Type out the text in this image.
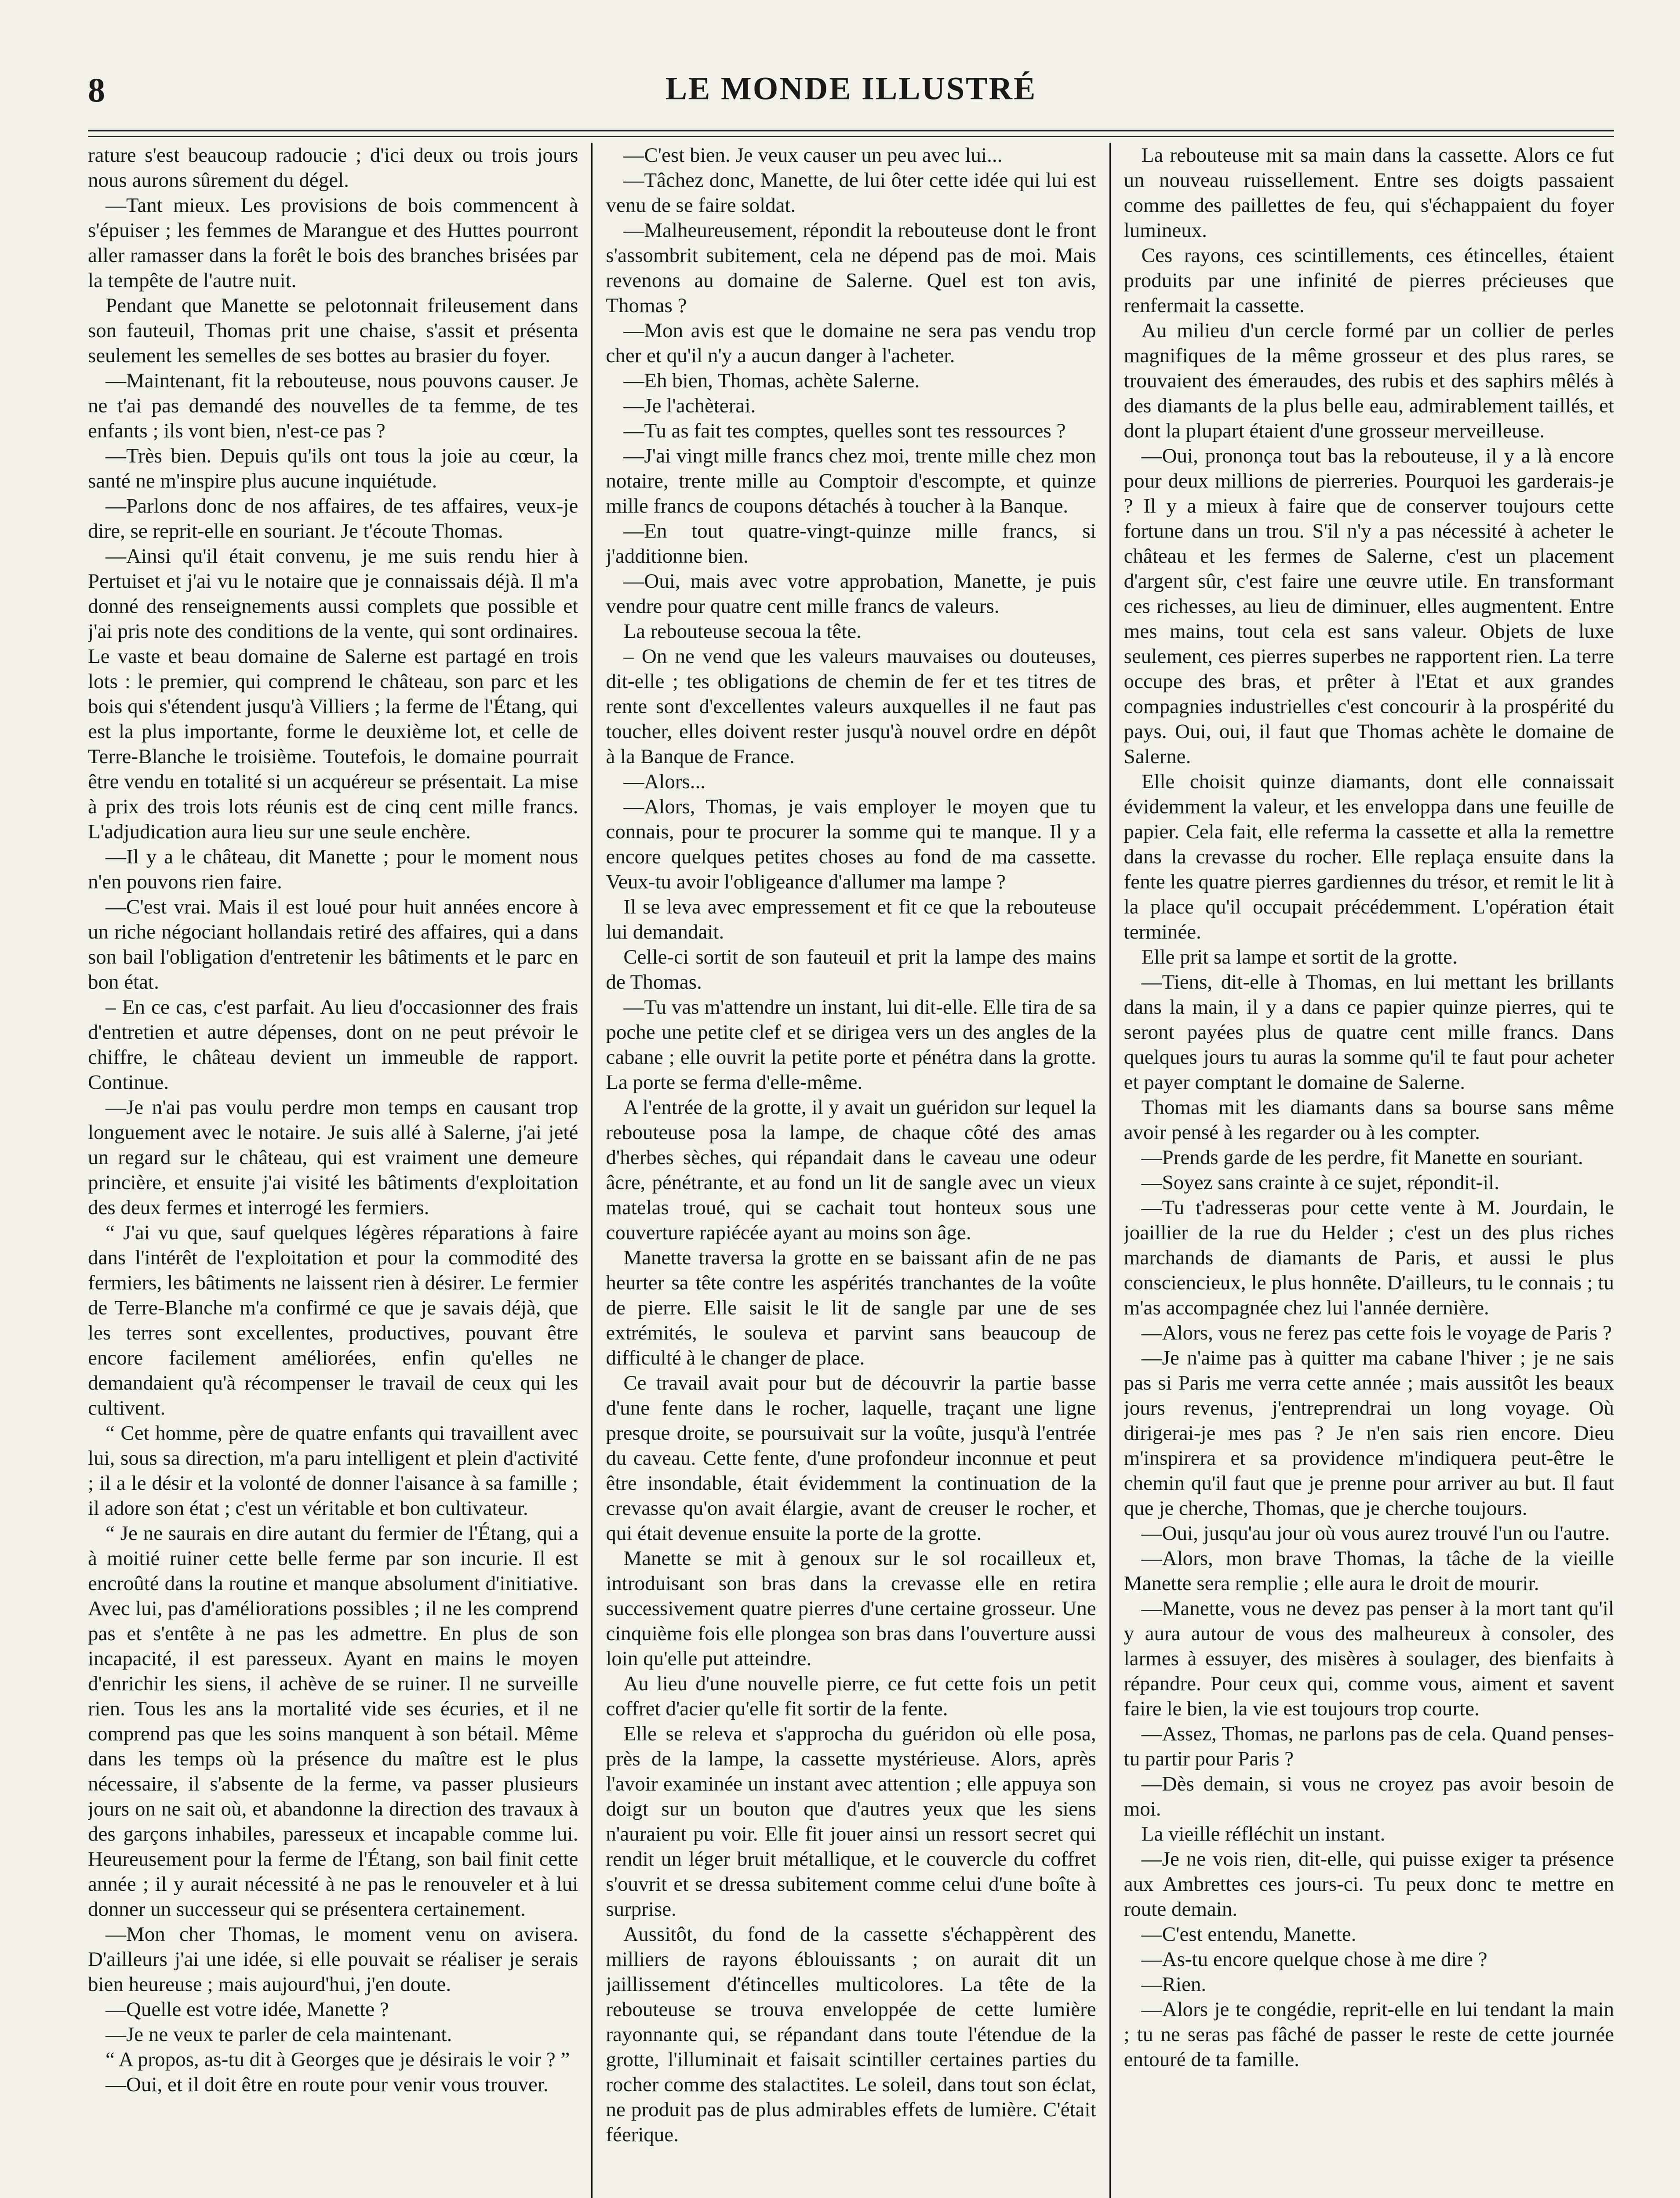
8	LE MONDE ILLUSTRÉ

rature s'est beaucoup radoucie ; d'ici deux ou trois jours nous aurons sûrement du dégel.

—Tant mieux. Les provisions de bois commencent à s'épuiser ; les femmes de Marangue et des Huttes pourront aller ramasser dans la forêt le bois des branches brisées par la tempête de l'autre nuit.

Pendant que Manette se pelotonnait frileusement dans son fauteuil, Thomas prit une chaise, s'assit et présenta seulement les semelles de ses bottes au brasier du foyer.

—Maintenant, fit la rebouteuse, nous pouvons causer. Je ne t'ai pas demandé des nouvelles de ta femme, de tes enfants ; ils vont bien, n'est-ce pas ?

—Très bien. Depuis qu'ils ont tous la joie au cœur, la santé ne m'inspire plus aucune inquiétude.

—Parlons donc de nos affaires, de tes affaires, veux-je dire, se reprit-elle en souriant. Je t'écoute Thomas.

—Ainsi qu'il était convenu, je me suis rendu hier à Pertuiset et j'ai vu le notaire que je connaissais déjà. Il m'a donné des renseignements aussi complets que possible et j'ai pris note des conditions de la vente, qui sont ordinaires. Le vaste et beau domaine de Salerne est partagé en trois lots : le premier, qui comprend le château, son parc et les bois qui s'étendent jusqu'à Villiers ; la ferme de l'Étang, qui est la plus importante, forme le deuxième lot, et celle de Terre-Blanche le troisième. Toutefois, le domaine pourrait être vendu en totalité si un acquéreur se présentait. La mise à prix des trois lots réunis est de cinq cent mille francs. L'adjudication aura lieu sur une seule enchère.

—Il y a le château, dit Manette ; pour le moment nous n'en pouvons rien faire.

—C'est vrai. Mais il est loué pour huit années encore à un riche négociant hollandais retiré des affaires, qui a dans son bail l'obligation d'entretenir les bâtiments et le parc en bon état.

– En ce cas, c'est parfait. Au lieu d'occasionner des frais d'entretien et autre dépenses, dont on ne peut prévoir le chiffre, le château devient un immeuble de rapport. Continue.

—Je n'ai pas voulu perdre mon temps en causant trop longuement avec le notaire. Je suis allé à Salerne, j'ai jeté un regard sur le château, qui est vraiment une demeure princière, et ensuite j'ai visité les bâtiments d'exploitation des deux fermes et interrogé les fermiers.

“ J'ai vu que, sauf quelques légères réparations à faire dans l'intérêt de l'exploitation et pour la commodité des fermiers, les bâtiments ne laissent rien à désirer. Le fermier de Terre-Blanche m'a confirmé ce que je savais déjà, que les terres sont excellentes, productives, pouvant être encore facilement améliorées, enfin qu'elles ne demandaient qu'à récompenser le travail de ceux qui les cultivent.

“ Cet homme, père de quatre enfants qui travaillent avec lui, sous sa direction, m'a paru intelligent et plein d'activité ; il a le désir et la volonté de donner l'aisance à sa famille ; il adore son état ; c'est un véritable et bon cultivateur.

“ Je ne saurais en dire autant du fermier de l'Étang, qui a à moitié ruiner cette belle ferme par son incurie. Il est encroûté dans la routine et manque absolument d'initiative. Avec lui, pas d'améliorations possibles ; il ne les comprend pas et s'entête à ne pas les admettre. En plus de son incapacité, il est paresseux. Ayant en mains le moyen d'enrichir les siens, il achève de se ruiner. Il ne surveille rien. Tous les ans la mortalité vide ses écuries, et il ne comprend pas que les soins manquent à son bétail. Même dans les temps où la présence du maître est le plus nécessaire, il s'absente de la ferme, va passer plusieurs jours on ne sait où, et abandonne la direction des travaux à des garçons inhabiles, paresseux et incapable comme lui. Heureusement pour la ferme de l'Étang, son bail finit cette année ; il y aurait nécessité à ne pas le renouveler et à lui donner un successeur qui se présentera certainement.

—Mon cher Thomas, le moment venu on avisera. D'ailleurs j'ai une idée, si elle pouvait se réaliser je serais bien heureuse ; mais aujourd'hui, j'en doute.

—Quelle est votre idée, Manette ?

—Je ne veux te parler de cela maintenant.

“ A propos, as-tu dit à Georges que je désirais le voir ? ”

—Oui, et il doit être en route pour venir vous trouver.

—C'est bien. Je veux causer un peu avec lui...

—Tâchez donc, Manette, de lui ôter cette idée qui lui est venu de se faire soldat.

—Malheureusement, répondit la rebouteuse dont le front s'assombrit subitement, cela ne dépend pas de moi. Mais revenons au domaine de Salerne. Quel est ton avis, Thomas ?

—Mon avis est que le domaine ne sera pas vendu trop cher et qu'il n'y a aucun danger à l'acheter.

—Eh bien, Thomas, achète Salerne.

—Je l'achèterai.

—Tu as fait tes comptes, quelles sont tes ressources ?

—J'ai vingt mille francs chez moi, trente mille chez mon notaire, trente mille au Comptoir d'escompte, et quinze mille francs de coupons détachés à toucher à la Banque.

—En tout quatre-vingt-quinze mille francs, si j'additionne bien.

—Oui, mais avec votre approbation, Manette, je puis vendre pour quatre cent mille francs de valeurs.

La rebouteuse secoua la tête.

– On ne vend que les valeurs mauvaises ou douteuses, dit-elle ; tes obligations de chemin de fer et tes titres de rente sont d'excellentes valeurs auxquelles il ne faut pas toucher, elles doivent rester jusqu'à nouvel ordre en dépôt à la Banque de France.

—Alors...

—Alors, Thomas, je vais employer le moyen que tu connais, pour te procurer la somme qui te manque. Il y a encore quelques petites choses au fond de ma cassette. Veux-tu avoir l'obligeance d'allumer ma lampe ?

Il se leva avec empressement et fit ce que la rebouteuse lui demandait.

Celle-ci sortit de son fauteuil et prit la lampe des mains de Thomas.

—Tu vas m'attendre un instant, lui dit-elle. Elle tira de sa poche une petite clef et se dirigea vers un des angles de la cabane ; elle ouvrit la petite porte et pénétra dans la grotte. La porte se ferma d'elle-même.

A l'entrée de la grotte, il y avait un guéridon sur lequel la rebouteuse posa la lampe, de chaque côté des amas d'herbes sèches, qui répandait dans le caveau une odeur âcre, pénétrante, et au fond un lit de sangle avec un vieux matelas troué, qui se cachait tout honteux sous une couverture rapiécée ayant au moins son âge.

Manette traversa la grotte en se baissant afin de ne pas heurter sa tête contre les aspérités tranchantes de la voûte de pierre. Elle saisit le lit de sangle par une de ses extrémités, le souleva et parvint sans beaucoup de difficulté à le changer de place.

Ce travail avait pour but de découvrir la partie basse d'une fente dans le rocher, laquelle, traçant une ligne presque droite, se poursuivait sur la voûte, jusqu'à l'entrée du caveau. Cette fente, d'une profondeur inconnue et peut être insondable, était évidemment la continuation de la crevasse qu'on avait élargie, avant de creuser le rocher, et qui était devenue ensuite la porte de la grotte.

Manette se mit à genoux sur le sol rocailleux et, introduisant son bras dans la crevasse elle en retira successivement quatre pierres d'une certaine grosseur. Une cinquième fois elle plongea son bras dans l'ouverture aussi loin qu'elle put atteindre.

Au lieu d'une nouvelle pierre, ce fut cette fois un petit coffret d'acier qu'elle fit sortir de la fente.

Elle se releva et s'approcha du guéridon où elle posa, près de la lampe, la cassette mystérieuse. Alors, après l'avoir examinée un instant avec attention ; elle appuya son doigt sur un bouton que d'autres yeux que les siens n'auraient pu voir. Elle fit jouer ainsi un ressort secret qui rendit un léger bruit métallique, et le couvercle du coffret s'ouvrit et se dressa subitement comme celui d'une boîte à surprise.

Aussitôt, du fond de la cassette s'échappèrent des milliers de rayons éblouissants ; on aurait dit un jaillissement d'étincelles multicolores. La tête de la rebouteuse se trouva enveloppée de cette lumière rayonnante qui, se répandant dans toute l'étendue de la grotte, l'illuminait et faisait scintiller certaines parties du rocher comme des stalactites. Le soleil, dans tout son éclat, ne produit pas de plus admirables effets de lumière. C'était féerique.

La rebouteuse mit sa main dans la cassette. Alors ce fut un nouveau ruissellement. Entre ses doigts passaient comme des paillettes de feu, qui s'échappaient du foyer lumineux.

Ces rayons, ces scintillements, ces étincelles, étaient produits par une infinité de pierres précieuses que renfermait la cassette.

Au milieu d'un cercle formé par un collier de perles magnifiques de la même grosseur et des plus rares, se trouvaient des émeraudes, des rubis et des saphirs mêlés à des diamants de la plus belle eau, admirablement taillés, et dont la plupart étaient d'une grosseur merveilleuse.

—Oui, prononça tout bas la rebouteuse, il y a là encore pour deux millions de pierreries. Pourquoi les garderais-je ? Il y a mieux à faire que de conserver toujours cette fortune dans un trou. S'il n'y a pas nécessité à acheter le château et les fermes de Salerne, c'est un placement d'argent sûr, c'est faire une œuvre utile. En transformant ces richesses, au lieu de diminuer, elles augmentent. Entre mes mains, tout cela est sans valeur. Objets de luxe seulement, ces pierres superbes ne rapportent rien. La terre occupe des bras, et prêter à l'Etat et aux grandes compagnies industrielles c'est concourir à la prospérité du pays. Oui, oui, il faut que Thomas achète le domaine de Salerne.

Elle choisit quinze diamants, dont elle connaissait évidemment la valeur, et les enveloppa dans une feuille de papier. Cela fait, elle referma la cassette et alla la remettre dans la crevasse du rocher. Elle replaça ensuite dans la fente les quatre pierres gardiennes du trésor, et remit le lit à la place qu'il occupait précédemment. L'opération était terminée.

Elle prit sa lampe et sortit de la grotte.

—Tiens, dit-elle à Thomas, en lui mettant les brillants dans la main, il y a dans ce papier quinze pierres, qui te seront payées plus de quatre cent mille francs. Dans quelques jours tu auras la somme qu'il te faut pour acheter et payer comptant le domaine de Salerne.

Thomas mit les diamants dans sa bourse sans même avoir pensé à les regarder ou à les compter.

—Prends garde de les perdre, fit Manette en souriant.

—Soyez sans crainte à ce sujet, répondit-il.

—Tu t'adresseras pour cette vente à M. Jourdain, le joaillier de la rue du Helder ; c'est un des plus riches marchands de diamants de Paris, et aussi le plus consciencieux, le plus honnête. D'ailleurs, tu le connais ; tu m'as accompagnée chez lui l'année dernière.

—Alors, vous ne ferez pas cette fois le voyage de Paris ?

—Je n'aime pas à quitter ma cabane l'hiver ; je ne sais pas si Paris me verra cette année ; mais aussitôt les beaux jours revenus, j'entreprendrai un long voyage. Où dirigerai-je mes pas ? Je n'en sais rien encore. Dieu m'inspirera et sa providence m'indiquera peut-être le chemin qu'il faut que je prenne pour arriver au but. Il faut que je cherche, Thomas, que je cherche toujours.

—Oui, jusqu'au jour où vous aurez trouvé l'un ou l'autre.

—Alors, mon brave Thomas, la tâche de la vieille Manette sera remplie ; elle aura le droit de mourir.

—Manette, vous ne devez pas penser à la mort tant qu'il y aura autour de vous des malheureux à consoler, des larmes à essuyer, des misères à soulager, des bienfaits à répandre. Pour ceux qui, comme vous, aiment et savent faire le bien, la vie est toujours trop courte.

—Assez, Thomas, ne parlons pas de cela. Quand penses-tu partir pour Paris ?

—Dès demain, si vous ne croyez pas avoir besoin de moi.

La vieille réfléchit un instant.

—Je ne vois rien, dit-elle, qui puisse exiger ta présence aux Ambrettes ces jours-ci. Tu peux donc te mettre en route demain.

—C'est entendu, Manette.

—As-tu encore quelque chose à me dire ?

—Rien.

—Alors je te congédie, reprit-elle en lui tendant la main ; tu ne seras pas fâché de passer le reste de cette journée entouré de ta famille.
